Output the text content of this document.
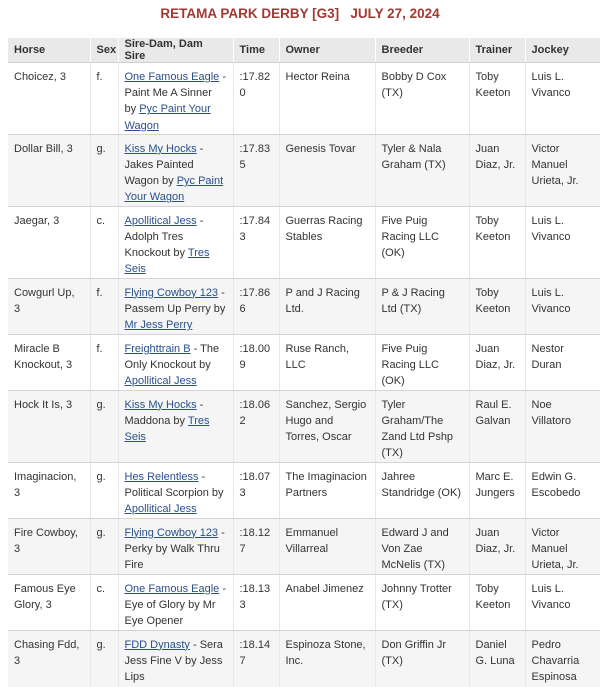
RETAMA PARK DERBY [G3]   JULY 27, 2024
Horse	Sex	Sire-Dam, Dam Sire	Time	Owner	Breeder	Trainer	Jockey
Choicez, 3	f.	One Famous Eagle - Paint Me A Sinner by Pyc Paint Your Wagon	:17.820	Hector Reina	Bobby D Cox (TX)	Toby Keeton	Luis L. Vivanco
Dollar Bill, 3	g.	Kiss My Hocks - Jakes Painted Wagon by Pyc Paint Your Wagon	:17.835	Genesis Tovar	Tyler & Nala Graham (TX)	Juan Diaz, Jr.	Victor Manuel Urieta, Jr.
Jaegar, 3	c.	Apollitical Jess - Adolph Tres Knockout by Tres Seis	:17.843	Guerras Racing Stables	Five Puig Racing LLC (OK)	Toby Keeton	Luis L. Vivanco
Cowgurl Up, 3	f.	Flying Cowboy 123 - Passem Up Perry by Mr Jess Perry	:17.866	P and J Racing Ltd.	P & J Racing Ltd (TX)	Toby Keeton	Luis L. Vivanco
Miracle B Knockout, 3	f.	Freighttrain B - The Only Knockout by Apollitical Jess	:18.009	Ruse Ranch, LLC	Five Puig Racing LLC (OK)	Juan Diaz, Jr.	Nestor Duran
Hock It Is, 3	g.	Kiss My Hocks - Maddona by Tres Seis	:18.062	Sanchez, Sergio Hugo and Torres, Oscar	Tyler Graham/The Zand Ltd Pshp (TX)	Raul E. Galvan	Noe Villatoro
Imaginacion, 3	g.	Hes Relentless - Political Scorpion by Apollitical Jess	:18.073	The Imaginacion Partners	Jahree Standridge (OK)	Marc E. Jungers	Edwin G. Escobedo
Fire Cowboy, 3	g.	Flying Cowboy 123 - Perky by Walk Thru Fire	:18.127	Emmanuel Villarreal	Edward J and Von Zae McNelis (TX)	Juan Diaz, Jr.	Victor Manuel Urieta, Jr.
Famous Eye Glory, 3	c.	One Famous Eagle - Eye of Glory by Mr Eye Opener	:18.133	Anabel Jimenez	Johnny Trotter (TX)	Toby Keeton	Luis L. Vivanco
Chasing Fdd, 3	g.	FDD Dynasty - Sera Jess Fine V by Jess Lips	:18.147	Espinoza Stone, Inc.	Don Griffin Jr (TX)	Daniel G. Luna	Pedro Chavarria Espinosa
